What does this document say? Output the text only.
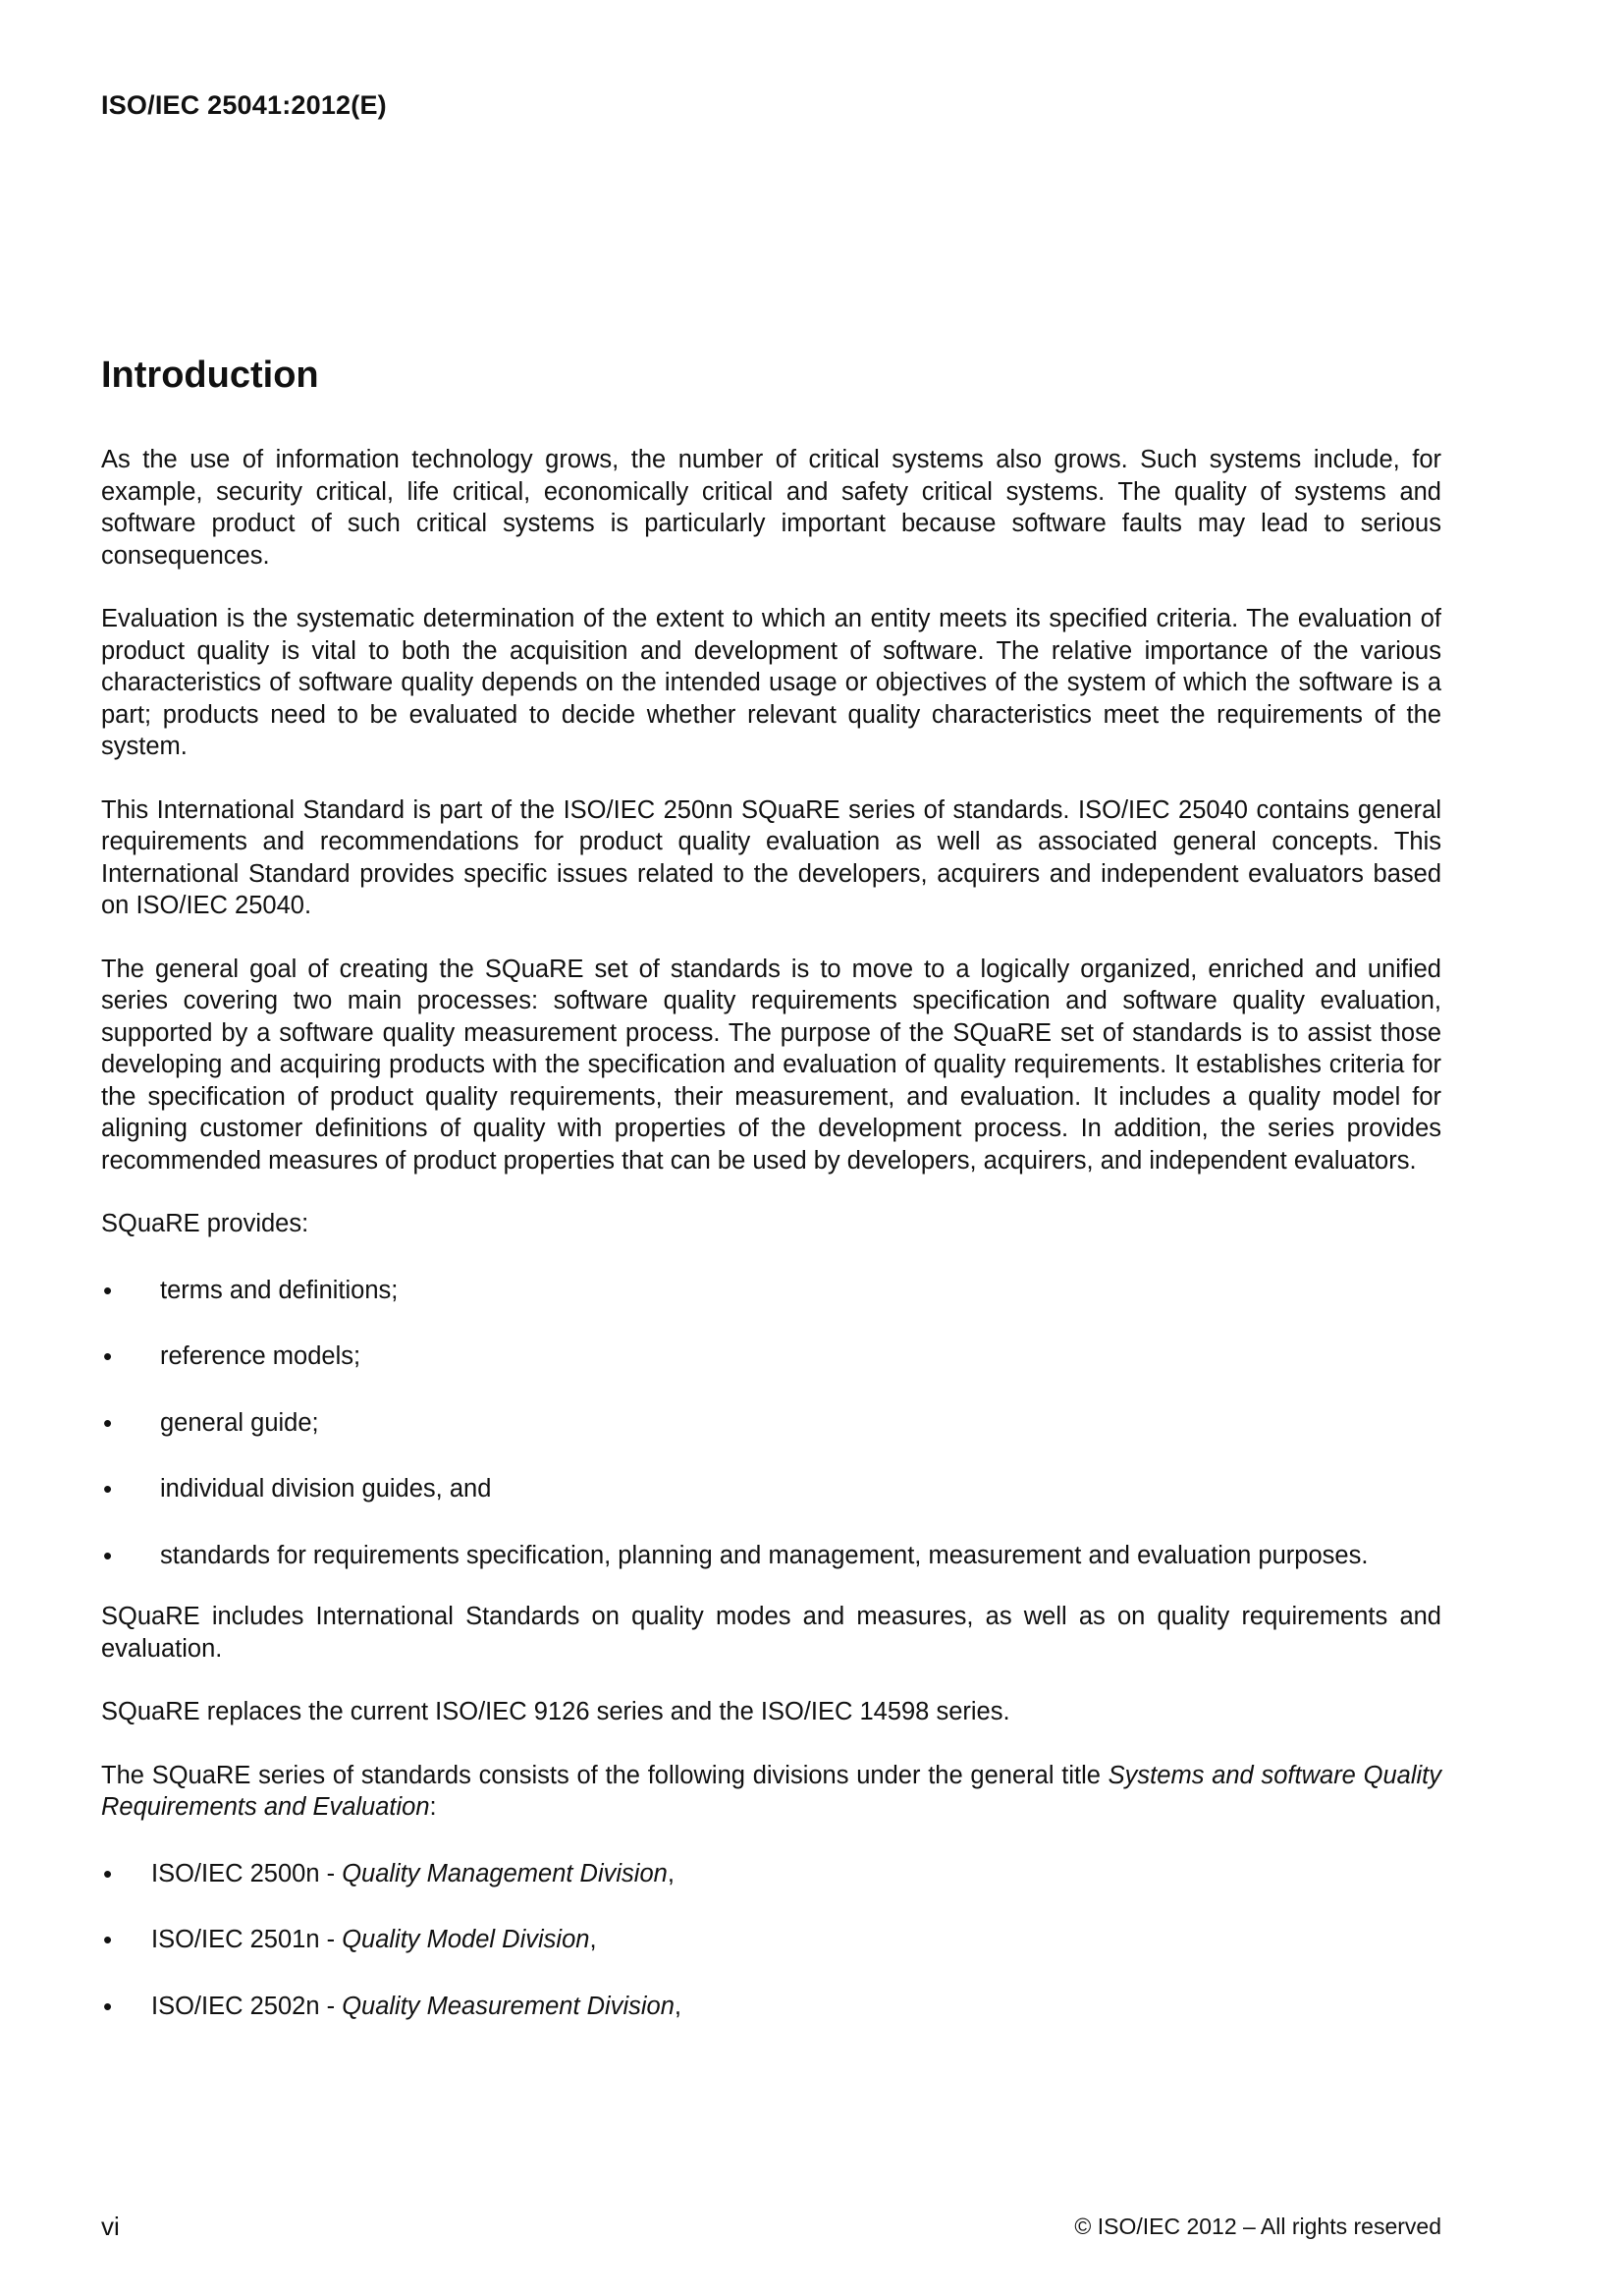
ISO/IEC 25041:2012(E)
Introduction

As the use of information technology grows, the number of critical systems also grows. Such systems include, for example, security critical, life critical, economically critical and safety critical systems. The quality of systems and software product of such critical systems is particularly important because software faults may lead to serious consequences.

Evaluation is the systematic determination of the extent to which an entity meets its specified criteria. The evaluation of product quality is vital to both the acquisition and development of software. The relative importance of the various characteristics of software quality depends on the intended usage or objectives of the system of which the software is a part; products need to be evaluated to decide whether relevant quality characteristics meet the requirements of the system.

This International Standard is part of the ISO/IEC 250nn SQuaRE series of standards. ISO/IEC 25040 contains general requirements and recommendations for product quality evaluation as well as associated general concepts. This International Standard provides specific issues related to the developers, acquirers and independent evaluators based on ISO/IEC 25040.

The general goal of creating the SQuaRE set of standards is to move to a logically organized, enriched and unified series covering two main processes: software quality requirements specification and software quality evaluation, supported by a software quality measurement process. The purpose of the SQuaRE set of standards is to assist those developing and acquiring products with the specification and evaluation of quality requirements. It establishes criteria for the specification of product quality requirements, their measurement, and evaluation. It includes a quality model for aligning customer definitions of quality with properties of the development process. In addition, the series provides recommended measures of product properties that can be used by developers, acquirers, and independent evaluators.

SQuaRE provides:

• terms and definitions;
• reference models;
• general guide;
• individual division guides, and
• standards for requirements specification, planning and management, measurement and evaluation purposes.

SQuaRE includes International Standards on quality modes and measures, as well as on quality requirements and evaluation.

SQuaRE replaces the current ISO/IEC 9126 series and the ISO/IEC 14598 series.

The SQuaRE series of standards consists of the following divisions under the general title Systems and software Quality Requirements and Evaluation:

• ISO/IEC 2500n - Quality Management Division,
• ISO/IEC 2501n - Quality Model Division,
• ISO/IEC 2502n - Quality Measurement Division,
vi	© ISO/IEC 2012 – All rights reserved
